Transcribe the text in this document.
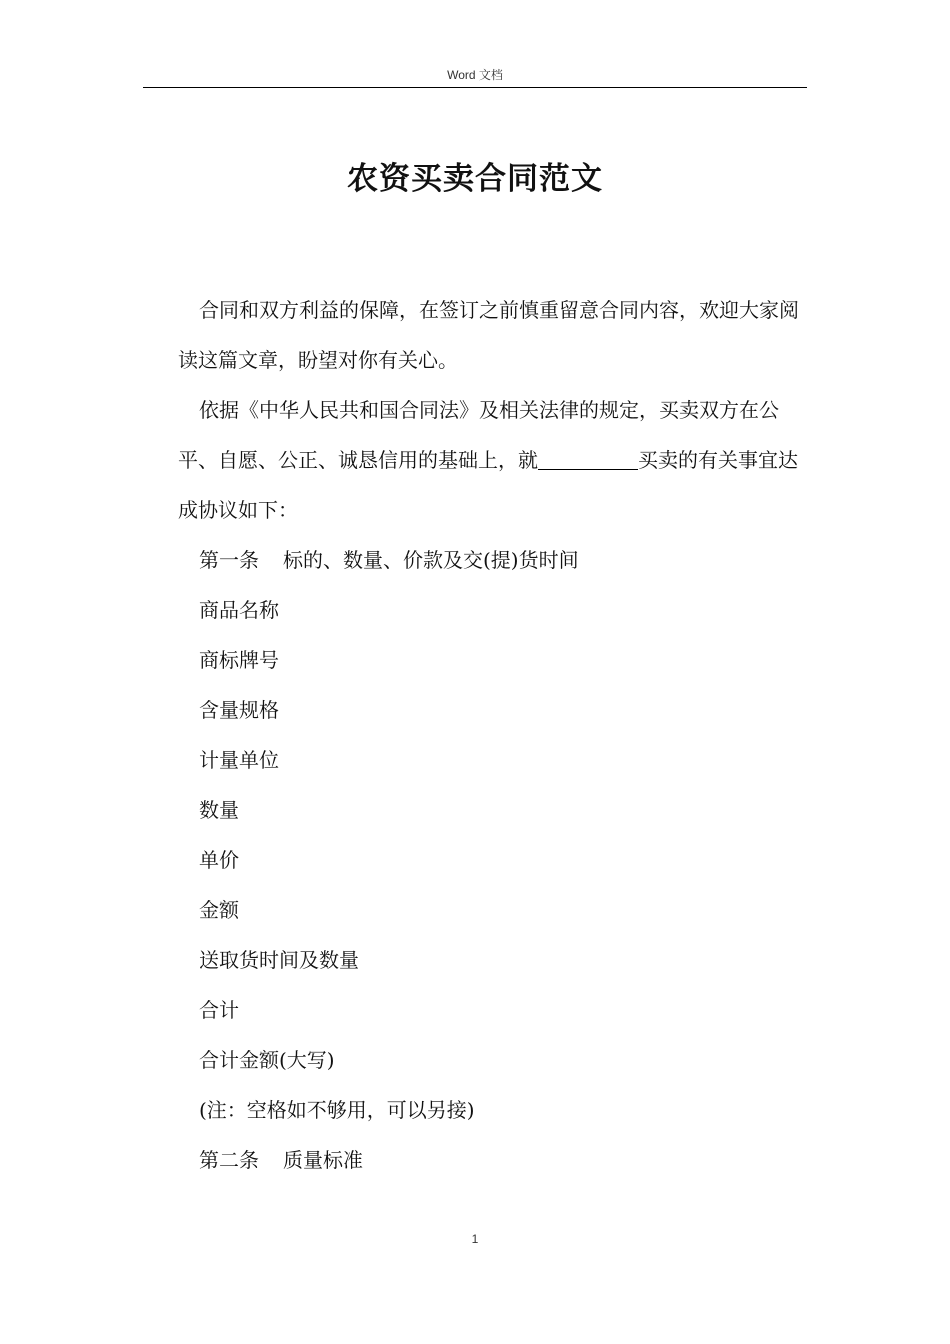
Word 文档
农资买卖合同范文

合同和双方利益的保障，在签订之前慎重留意合同内容，欢迎大家阅读这篇文章，盼望对你有关心。

依据《中华人民共和国合同法》及相关法律的规定，买卖双方在公平、自愿、公正、诚恳信用的基础上，就	买卖的有关事宜达成协议如下：

第一条 标的、数量、价款及交(提)货时间

商品名称

商标牌号

含量规格

计量单位

数量

单价

金额

送取货时间及数量

合计

合计金额(大写)

(注：空格如不够用，可以另接)

第二条 质量标准

1
